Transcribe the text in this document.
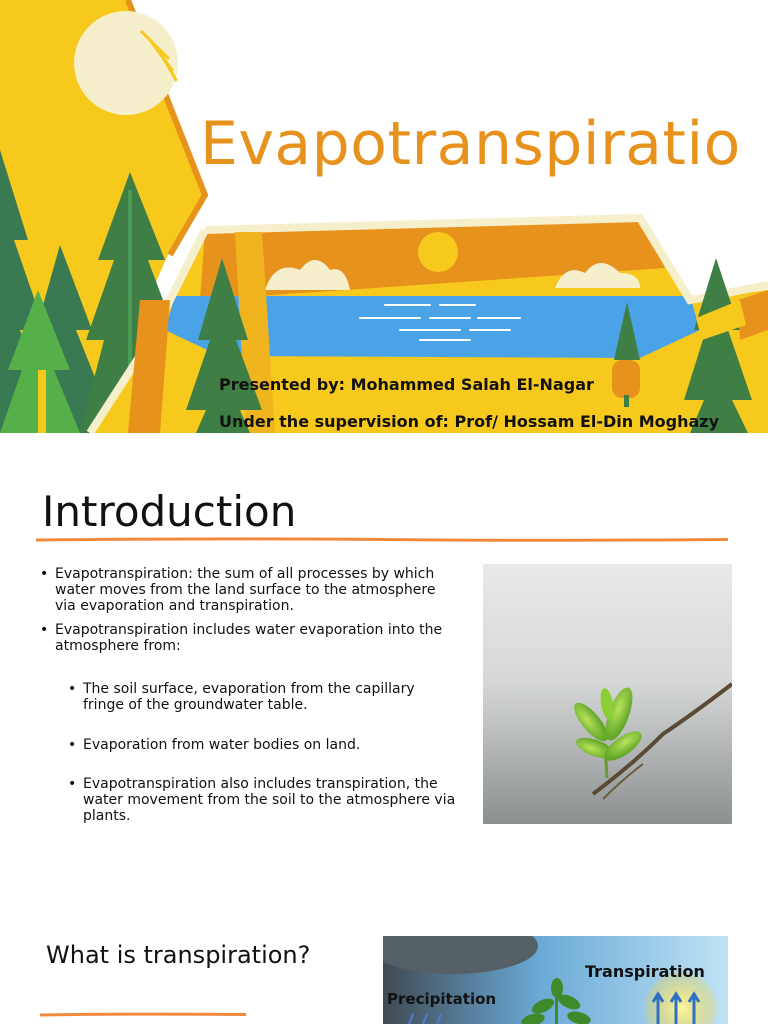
Evapotranspiration
Presented by: Mohammed Salah El-Nagar
Under the supervision of: Prof/ Hossam El-Din Moghazy
Introduction
• Evapotranspiration: the sum of all processes by which water moves from the land surface to the atmosphere via evaporation and transpiration.
• Evapotranspiration includes water evaporation into the atmosphere from:
• The soil surface, evaporation from the capillary fringe of the groundwater table.
• Evaporation from water bodies on land.
• Evapotranspiration also includes transpiration, the water movement from the soil to the atmosphere via plants.
What is transpiration?
Transpiration
Precipitation
